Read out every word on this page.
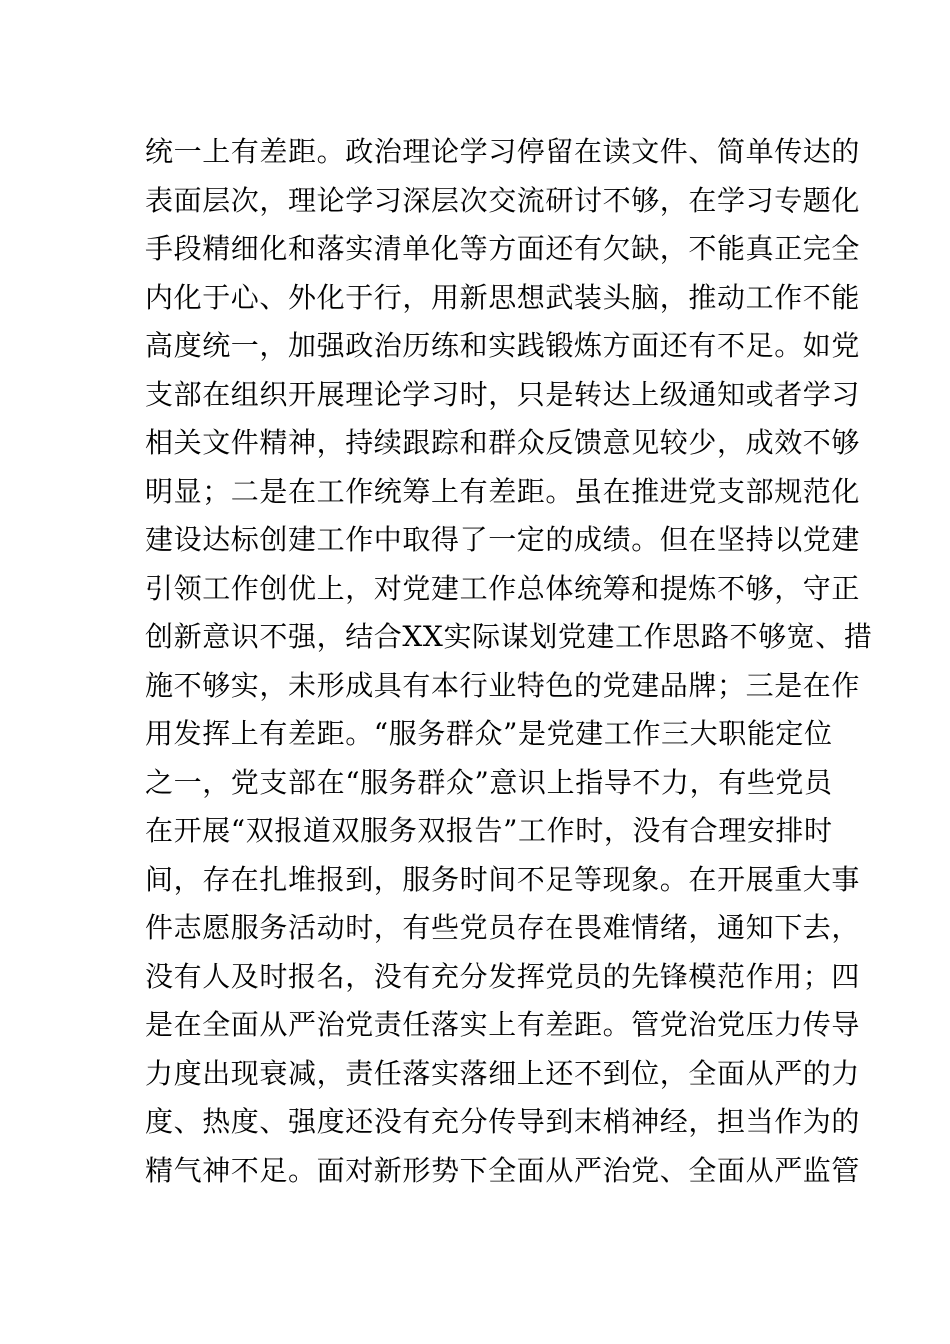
统一上有差距。政治理论学习停留在读文件、简单传达的
表面层次，理论学习深层次交流研讨不够，在学习专题化
手段精细化和落实清单化等方面还有欠缺，不能真正完全
内化于心、外化于行，用新思想武装头脑，推动工作不能
高度统一，加强政治历练和实践锻炼方面还有不足。如党
支部在组织开展理论学习时，只是转达上级通知或者学习
相关文件精神，持续跟踪和群众反馈意见较少，成效不够
明显；二是在工作统筹上有差距。虽在推进党支部规范化
建设达标创建工作中取得了一定的成绩。但在坚持以党建
引领工作创优上，对党建工作总体统筹和提炼不够，守正
创新意识不强，结合XX实际谋划党建工作思路不够宽、措
施不够实，未形成具有本行业特色的党建品牌；三是在作
用发挥上有差距。“服务群众”是党建工作三大职能定位
之一，党支部在“服务群众”意识上指导不力，有些党员
在开展“双报道双服务双报告”工作时，没有合理安排时
间，存在扎堆报到，服务时间不足等现象。在开展重大事
件志愿服务活动时，有些党员存在畏难情绪，通知下去，
没有人及时报名，没有充分发挥党员的先锋模范作用；四
是在全面从严治党责任落实上有差距。管党治党压力传导
力度出现衰减，责任落实落细上还不到位，全面从严的力
度、热度、强度还没有充分传导到末梢神经，担当作为的
精气神不足。面对新形势下全面从严治党、全面从严监管
